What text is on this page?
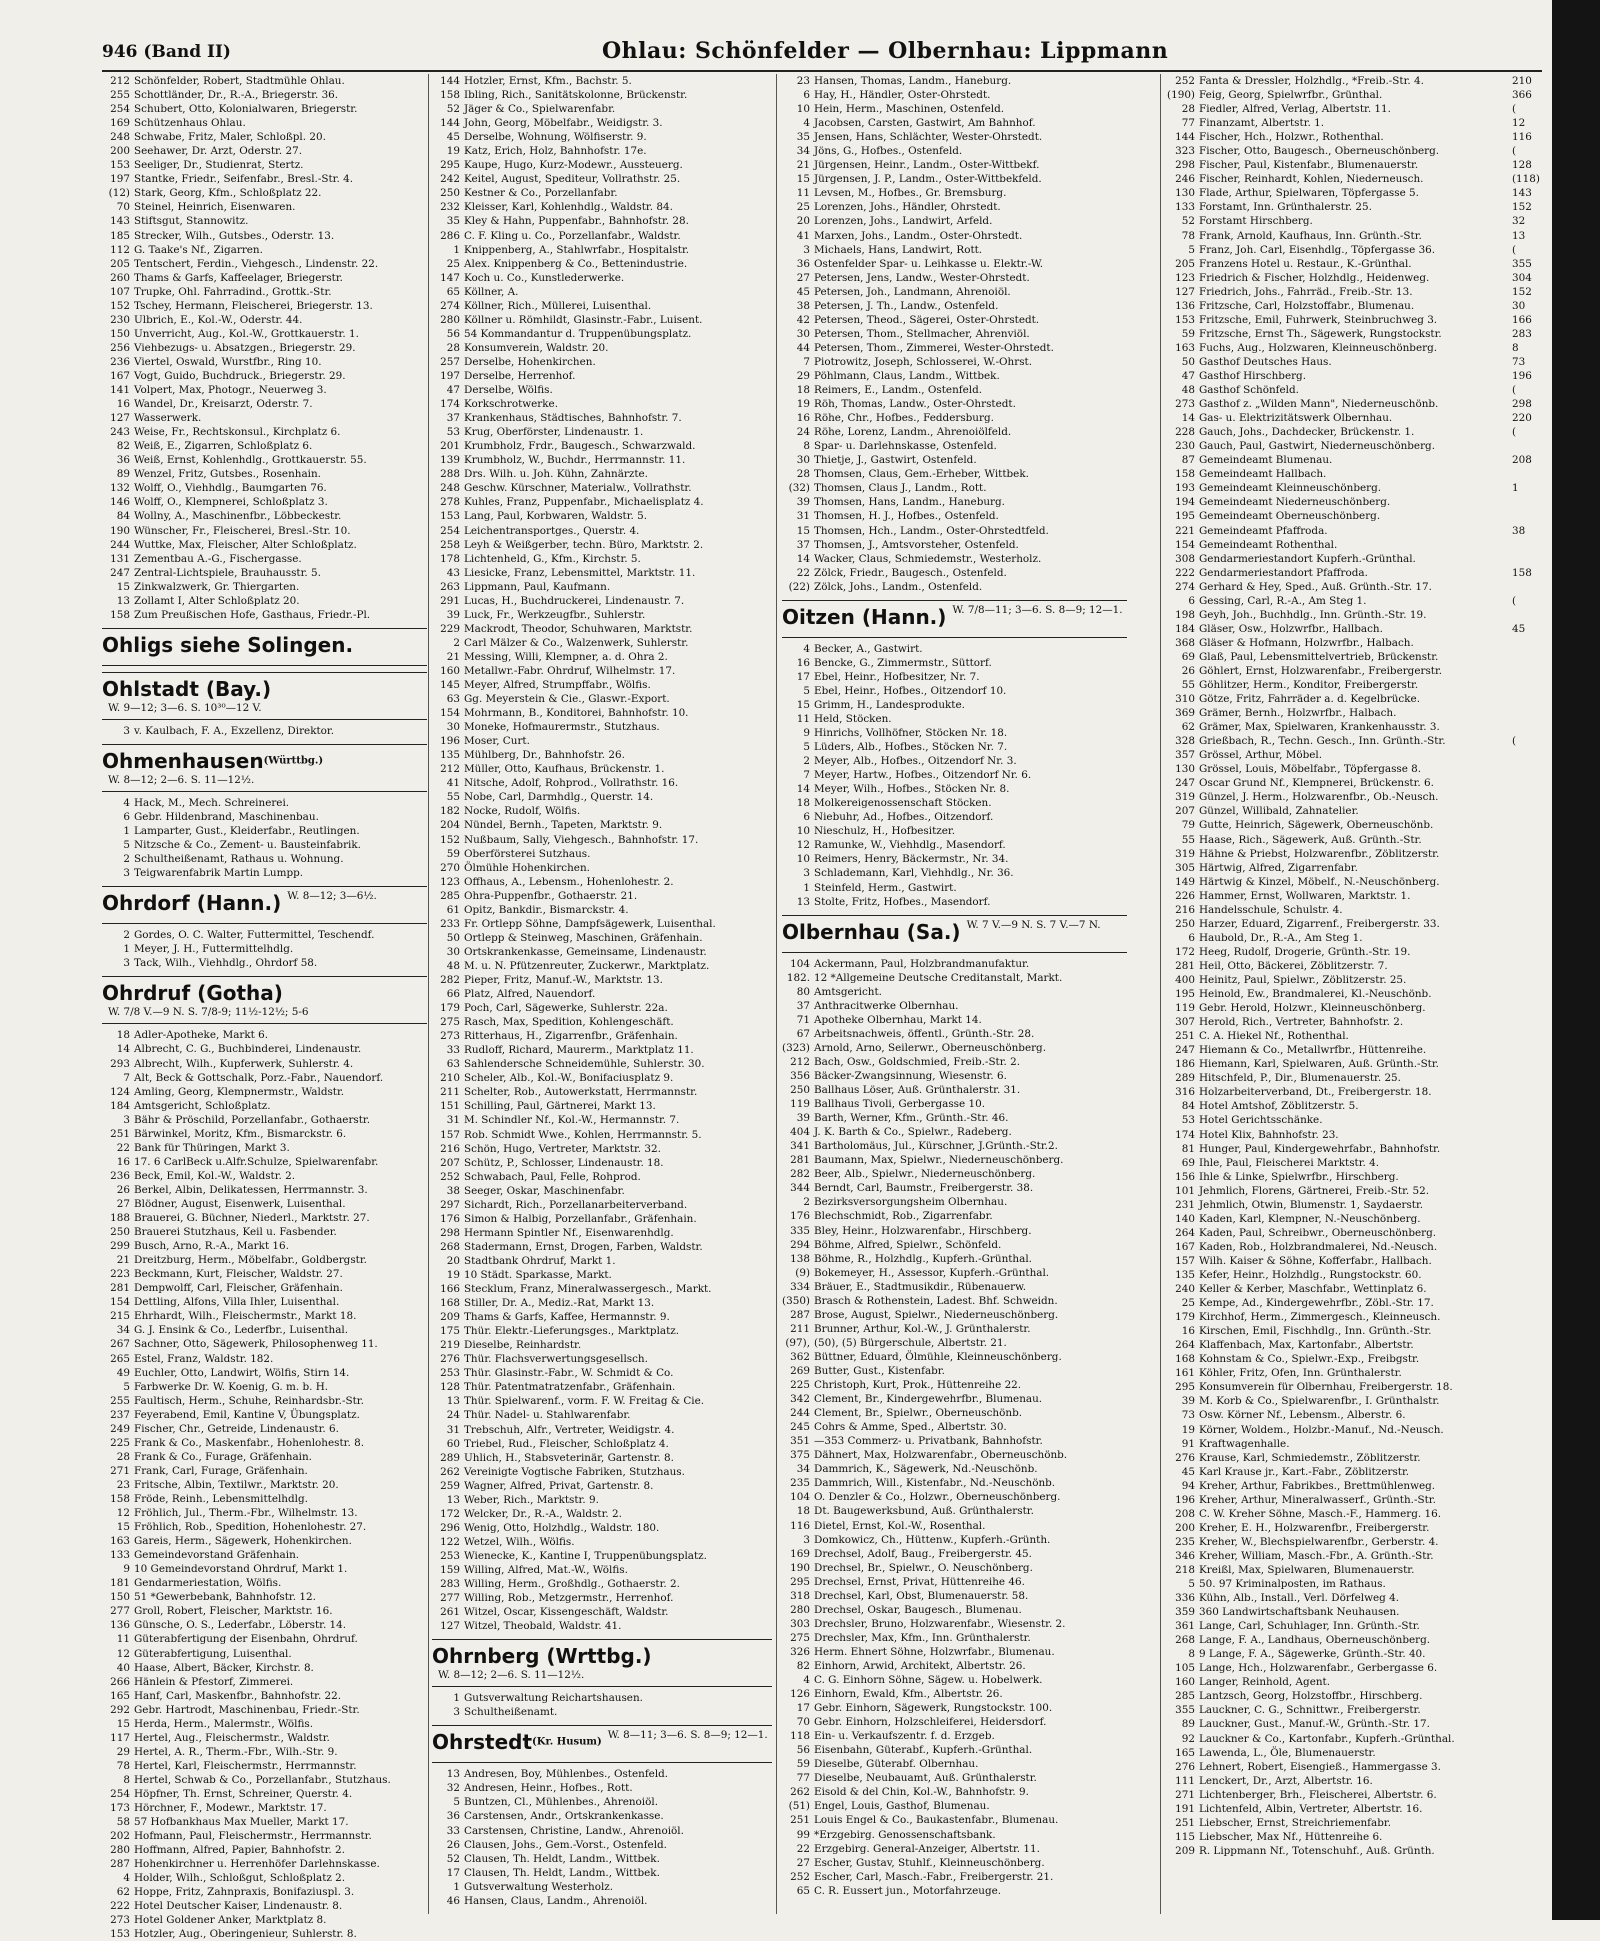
946 (Band II)	Ohlau: Schönfelder — Olbernhau: Lippmann
212 Schönfelder, Robert, Stadtmühle Ohlau.
255 Schottländer, Dr., R.-A., Briegerstr. 36.
254 Schubert, Otto, Kolonialwaren, Briegerstr.
169 Schützenhaus Ohlau.
248 Schwabe, Fritz, Maler, Schloßpl. 20.
200 Seehawer, Dr. Arzt, Oderstr. 27.
153 Seeliger, Dr., Studienrat, Stertz.
197 Stantke, Friedr., Seifenfabr., Bresl.-Str. 4.
(12) Stark, Georg, Kfm., Schloßplatz 22.
70 Steinel, Heinrich, Eisenwaren.
143 Stiftsgut, Stannowitz.
185 Strecker, Wilh., Gutsbes., Oderstr. 13.
112 G. Taake's Nf., Zigarren.
205 Tentschert, Ferdin., Viehgesch., Lindenstr. 22.
260 Thams & Garfs, Kaffeelager, Briegerstr.
107 Trupke, Ohl. Fahrradind., Grottk.-Str.
152 Tschey, Hermann, Fleischerei, Briegerstr. 13.
230 Ulbrich, E., Kol.-W., Oderstr. 44.
150 Unverricht, Aug., Kol.-W., Grottkauerstr. 1.
256 Viehbezugs- u. Absatzgen., Briegerstr. 29.
236 Viertel, Oswald, Wurstfbr., Ring 10.
167 Vogt, Guido, Buchdruck., Briegerstr. 29.
141 Volpert, Max, Photogr., Neuerweg 3.
16 Wandel, Dr., Kreisarzt, Oderstr. 7.
127 Wasserwerk.
243 Weise, Fr., Rechtskonsul., Kirchplatz 6.
82 Weiß, E., Zigarren, Schloßplatz 6.
36 Weiß, Ernst, Kohlenhdlg., Grottkauerstr. 55.
89 Wenzel, Fritz, Gutsbes., Rosenhain.
132 Wolff, O., Viehhdlg., Baumgarten 76.
146 Wolff, O., Klempnerei, Schloßplatz 3.
84 Wollny, A., Maschinenfbr., Löbbeckestr.
190 Wünscher, Fr., Fleischerei, Bresl.-Str. 10.
244 Wuttke, Max, Fleischer, Alter Schloßplatz.
131 Zementbau A.-G., Fischergasse.
247 Zentral-Lichtspiele, Brauhausstr. 5.
15 Zinkwalzwerk, Gr. Thiergarten.
13 Zollamt I, Alter Schloßplatz 20.
158 Zum Preußischen Hofe, Gasthaus, Friedr.-Pl.
Ohligs siehe Solingen.
Ohlstadt (Bay.)W. 9—12; 3—6. S. 10³⁰—12 V.
3 v. Kaulbach, F. A., Exzellenz, Direktor.
Ohmenhausen(Württbg.)W. 8—12; 2—6. S. 11—12½.
4 Hack, M., Mech. Schreinerei.
6 Gebr. Hildenbrand, Maschinenbau.
1 Lamparter, Gust., Kleiderfabr., Reutlingen.
5 Nitzsche & Co., Zement- u. Bausteinfabrik.
2 Schultheißenamt, Rathaus u. Wohnung.
3 Teigwarenfabrik Martin Lumpp.
Ohrdorf (Hann.) W. 8—12; 3—6½.
2 Gordes, O. C. Walter, Futtermittel, Teschendf.
1 Meyer, J. H., Futtermittelhdlg.
3 Tack, Wilh., Viehhdlg., Ohrdorf 58.
Ohrdruf (Gotha)W. 7/8 V.—9 N. S. 7/8-9; 11½-12½; 5-6
18 Adler-Apotheke, Markt 6.
14 Albrecht, C. G., Buchbinderei, Lindenaustr.
293 Albrecht, Wilh., Kupferwerk, Suhlerstr. 4.
7 Alt, Beck & Gottschalk, Porz.-Fabr., Nauendorf.
124 Amling, Georg, Klempnermstr., Waldstr.
184 Amtsgericht, Schloßplatz.
3 Bähr & Pröschild, Porzellanfabr., Gothaerstr.
251 Bärwinkel, Moritz, Kfm., Bismarckstr. 6.
22 Bank für Thüringen, Markt 3.
16 17. 6 CarlBeck u.Alfr.Schulze, Spielwarenfabr.
236 Beck, Emil, Kol.-W., Waldstr. 2.
26 Berkel, Albin, Delikatessen, Herrmannstr. 3.
27 Blödner, August, Eisenwerk, Luisenthal.
188 Brauerei, G. Büchner, Niederl., Marktstr. 27.
250 Brauerei Stutzhaus, Keil u. Fasbender.
299 Busch, Arno, R.-A., Markt 16.
21 Dreitzburg, Herm., Möbelfabr., Goldbergstr.
223 Beckmann, Kurt, Fleischer, Waldstr. 27.
281 Dempwolff, Carl, Fleischer, Gräfenhain.
154 Dettling, Alfons, Villa Ihler, Luisenthal.
215 Ehrhardt, Wilh., Fleischermstr., Markt 18.
34 G. J. Ensink & Co., Lederfbr., Luisenthal.
267 Sachner, Otto, Sägewerk, Philosophenweg 11.
265 Estel, Franz, Waldstr. 182.
49 Euchler, Otto, Landwirt, Wölfis, Stirn 14.
5 Farbwerke Dr. W. Koenig, G. m. b. H.
255 Faultisch, Herm., Schuhe, Reinhardsbr.-Str.
237 Feyerabend, Emil, Kantine V, Übungsplatz.
249 Fischer, Chr., Getreide, Lindenaustr. 6.
225 Frank & Co., Maskenfabr., Hohenlohestr. 8.
28 Frank & Co., Furage, Gräfenhain.
271 Frank, Carl, Furage, Gräfenhain.
23 Fritsche, Albin, Textilwr., Marktstr. 20.
158 Fröde, Reinh., Lebensmittelhdlg.
12 Fröhlich, Jul., Therm.-Fbr., Wilhelmstr. 13.
15 Fröhlich, Rob., Spedition, Hohenlohestr. 27.
163 Gareis, Herm., Sägewerk, Hohenkirchen.
133 Gemeindevorstand Gräfenhain.
9 10 Gemeindevorstand Ohrdruf, Markt 1.
181 Gendarmeriestation, Wölfis.
150 51 *Gewerbebank, Bahnhofstr. 12.
277 Groll, Robert, Fleischer, Marktstr. 16.
136 Günsche, O. S., Lederfabr., Löberstr. 14.
11 Güterabfertigung der Eisenbahn, Ohrdruf.
12 Güterabfertigung, Luisenthal.
40 Haase, Albert, Bäcker, Kirchstr. 8.
266 Hänlein & Pfestorf, Zimmerei.
165 Hanf, Carl, Maskenfbr., Bahnhofstr. 22.
292 Gebr. Hartrodt, Maschinenbau, Friedr.-Str.
15 Herda, Herm., Malermstr., Wölfis.
117 Hertel, Aug., Fleischermstr., Waldstr.
29 Hertel, A. R., Therm.-Fbr., Wilh.-Str. 9.
78 Hertel, Karl, Fleischermstr., Herrmannstr.
8 Hertel, Schwab & Co., Porzellanfabr., Stutzhaus.
254 Höpfner, Th. Ernst, Schreiner, Querstr. 4.
173 Hörchner, F., Modewr., Marktstr. 17.
58 57 Hofbankhaus Max Mueller, Markt 17.
202 Hofmann, Paul, Fleischermstr., Herrmannstr.
280 Hoffmann, Alfred, Papier, Bahnhofstr. 2.
287 Hohenkirchner u. Herrenhöfer Darlehnskasse.
4 Holder, Wilh., Schloßgut, Schloßplatz 2.
62 Hoppe, Fritz, Zahnpraxis, Bonifaziuspl. 3.
222 Hotel Deutscher Kaiser, Lindenaustr. 8.
273 Hotel Goldener Anker, Marktplatz 8.
153 Hotzler, Aug., Oberingenieur, Suhlerstr. 8.
144 Hotzler, Ernst, Kfm., Bachstr. 5.
158 Ibling, Rich., Sanitätskolonne, Brückenstr.
52 Jäger & Co., Spielwarenfabr.
144 John, Georg, Möbelfabr., Weidigstr. 3.
45 Derselbe, Wohnung, Wölfiserstr. 9.
19 Katz, Erich, Holz, Bahnhofstr. 17e.
295 Kaupe, Hugo, Kurz-Modewr., Aussteuerg.
242 Keitel, August, Spediteur, Vollrathstr. 25.
250 Kestner & Co., Porzellanfabr.
232 Kleisser, Karl, Kohlenhdlg., Waldstr. 84.
35 Kley & Hahn, Puppenfabr., Bahnhofstr. 28.
286 C. F. Kling u. Co., Porzellanfabr., Waldstr.
1 Knippenberg, A., Stahlwrfabr., Hospitalstr.
25 Alex. Knippenberg & Co., Bettenindustrie.
147 Koch u. Co., Kunstlederwerke.
65 Köllner, A.
274 Köllner, Rich., Müllerei, Luisenthal.
280 Köllner u. Römhildt, Glasinstr.-Fabr., Luisent.
56 54 Kommandantur d. Truppenübungsplatz.
28 Konsumverein, Waldstr. 20.
257 Derselbe, Hohenkirchen.
197 Derselbe, Herrenhof.
47 Derselbe, Wölfis.
174 Korkschrotwerke.
37 Krankenhaus, Städtisches, Bahnhofstr. 7.
53 Krug, Oberförster, Lindenaustr. 1.
201 Krumbholz, Frdr., Baugesch., Schwarzwald.
139 Krumbholz, W., Buchdr., Herrmannstr. 11.
288 Drs. Wilh. u. Joh. Kühn, Zahnärzte.
248 Geschw. Kürschner, Materialw., Vollrathstr.
278 Kuhles, Franz, Puppenfabr., Michaelisplatz 4.
153 Lang, Paul, Korbwaren, Waldstr. 5.
254 Leichentransportges., Querstr. 4.
258 Leyh & Weißgerber, techn. Büro, Marktstr. 2.
178 Lichtenheld, G., Kfm., Kirchstr. 5.
43 Liesicke, Franz, Lebensmittel, Marktstr. 11.
263 Lippmann, Paul, Kaufmann.
291 Lucas, H., Buchdruckerei, Lindenaustr. 7.
39 Luck, Fr., Werkzeugfbr., Suhlerstr.
229 Mackrodt, Theodor, Schuhwaren, Marktstr.
2 Carl Mälzer & Co., Walzenwerk, Suhlerstr.
21 Messing, Willi, Klempner, a. d. Ohra 2.
160 Metallwr.-Fabr. Ohrdruf, Wilhelmstr. 17.
145 Meyer, Alfred, Strumpffabr., Wölfis.
63 Gg. Meyerstein & Cie., Glaswr.-Export.
154 Mohrmann, B., Konditorei, Bahnhofstr. 10.
30 Moneke, Hofmaurermstr., Stutzhaus.
196 Moser, Curt.
135 Mühlberg, Dr., Bahnhofstr. 26.
212 Müller, Otto, Kaufhaus, Brückenstr. 1.
41 Nitsche, Adolf, Rohprod., Vollrathstr. 16.
55 Nobe, Carl, Darmhdlg., Querstr. 14.
182 Nocke, Rudolf, Wölfis.
204 Nündel, Bernh., Tapeten, Marktstr. 9.
152 Nußbaum, Sally, Viehgesch., Bahnhofstr. 17.
59 Oberförsterei Sutzhaus.
270 Ölmühle Hohenkirchen.
123 Offhaus, A., Lebensm., Hohenlohestr. 2.
285 Ohra-Puppenfbr., Gothaerstr. 21.
61 Opitz, Bankdir., Bismarckstr. 4.
233 Fr. Ortlepp Söhne, Dampfsägewerk, Luisenthal.
50 Ortlepp & Steinweg, Maschinen, Gräfenhain.
30 Ortskrankenkasse, Gemeinsame, Lindenaustr.
48 M. u. N. Pfützenreuter, Zuckerwr., Marktplatz.
282 Pieper, Fritz, Manuf.-W., Marktstr. 13.
66 Platz, Alfred, Nauendorf.
179 Poch, Carl, Sägewerke, Suhlerstr. 22a.
275 Rasch, Max, Spedition, Kohlengeschäft.
273 Ritterhaus, H., Zigarrenfbr., Gräfenhain.
33 Rudloff, Richard, Maurerm., Marktplatz 11.
63 Sahlendersche Schneidemühle, Suhlerstr. 30.
210 Scheler, Alb., Kol.-W., Bonifaciusplatz 9.
211 Schelter, Rob., Autowerkstatt, Herrmannstr.
151 Schilling, Paul, Gärtnerei, Markt 13.
31 M. Schindler Nf., Kol.-W., Hermannstr. 7.
157 Rob. Schmidt Wwe., Kohlen, Herrmannstr. 5.
216 Schön, Hugo, Vertreter, Marktstr. 32.
207 Schütz, P., Schlosser, Lindenaustr. 18.
252 Schwabach, Paul, Felle, Rohprod.
38 Seeger, Oskar, Maschinenfabr.
297 Sichardt, Rich., Porzellanarbeiterverband.
176 Simon & Halbig, Porzellanfabr., Gräfenhain.
298 Hermann Spintler Nf., Eisenwarenhdlg.
268 Stadermann, Ernst, Drogen, Farben, Waldstr.
20 Stadtbank Ohrdruf, Markt 1.
19 10 Städt. Sparkasse, Markt.
166 Stecklum, Franz, Mineralwassergesch., Markt.
168 Stiller, Dr. A., Mediz.-Rat, Markt 13.
209 Thams & Garfs, Kaffee, Hermannstr. 9.
175 Thür. Elektr.-Lieferungsges., Marktplatz.
219 Dieselbe, Reinhardstr.
276 Thür. Flachsverwertungsgesellsch.
253 Thür. Glasinstr.-Fabr., W. Schmidt & Co.
128 Thür. Patentmatratzenfabr., Gräfenhain.
13 Thür. Spielwarenf., vorm. F. W. Freitag & Cie.
24 Thür. Nadel- u. Stahlwarenfabr.
31 Trebschuh, Alfr., Vertreter, Weidigstr. 4.
60 Triebel, Rud., Fleischer, Schloßplatz 4.
289 Uhlich, H., Stabsveterinär, Gartenstr. 8.
262 Vereinigte Vogtische Fabriken, Stutzhaus.
259 Wagner, Alfred, Privat, Gartenstr. 8.
13 Weber, Rich., Marktstr. 9.
172 Welcker, Dr., R.-A., Waldstr. 2.
296 Wenig, Otto, Holzhdlg., Waldstr. 180.
122 Wetzel, Wilh., Wölfis.
253 Wienecke, K., Kantine I, Truppenübungsplatz.
159 Willing, Alfred, Mat.-W., Wölfis.
283 Willing, Herm., Großhdlg., Gothaerstr. 2.
277 Willing, Rob., Metzgermstr., Herrenhof.
261 Witzel, Oscar, Kissengeschäft, Waldstr.
127 Witzel, Theobald, Waldstr. 41.
Ohrnberg (Wrttbg.)W. 8—12; 2—6. S. 11—12½.
1 Gutsverwaltung Reichartshausen.
3 Schultheißenamt.
Ohrstedt(Kr. Husum)W. 8—11; 3—6. S. 8—9; 12—1.
13 Andresen, Boy, Mühlenbes., Ostenfeld.
32 Andresen, Heinr., Hofbes., Rott.
5 Buntzen, Cl., Mühlenbes., Ahrenoiöl.
36 Carstensen, Andr., Ortskrankenkasse.
33 Carstensen, Christine, Landw., Ahrenoiöl.
26 Clausen, Johs., Gem.-Vorst., Ostenfeld.
52 Clausen, Th. Heldt, Landm., Wittbek.
17 Clausen, Th. Heldt, Landm., Wittbek.
1 Gutsverwaltung Westerholz.
46 Hansen, Claus, Landm., Ahrenoiöl.
23 Hansen, Thomas, Landm., Haneburg.
6 Hay, H., Händler, Oster-Ohrstedt.
10 Hein, Herm., Maschinen, Ostenfeld.
4 Jacobsen, Carsten, Gastwirt, Am Bahnhof.
35 Jensen, Hans, Schlächter, Wester-Ohrstedt.
34 Jöns, G., Hofbes., Ostenfeld.
21 Jürgensen, Heinr., Landm., Oster-Wittbekf.
15 Jürgensen, J. P., Landm., Oster-Wittbekfeld.
11 Levsen, M., Hofbes., Gr. Bremsburg.
25 Lorenzen, Johs., Händler, Ohrstedt.
20 Lorenzen, Johs., Landwirt, Arfeld.
41 Marxen, Johs., Landm., Oster-Ohrstedt.
3 Michaels, Hans, Landwirt, Rott.
36 Ostenfelder Spar- u. Leihkasse u. Elektr.-W.
27 Petersen, Jens, Landw., Wester-Ohrstedt.
45 Petersen, Joh., Landmann, Ahrenoiöl.
38 Petersen, J. Th., Landw., Ostenfeld.
42 Petersen, Theod., Sägerei, Oster-Ohrstedt.
30 Petersen, Thom., Stellmacher, Ahrenviöl.
44 Petersen, Thom., Zimmerei, Wester-Ohrstedt.
7 Piotrowitz, Joseph, Schlosserei, W.-Ohrst.
29 Pöhlmann, Claus, Landm., Wittbek.
18 Reimers, E., Landm., Ostenfeld.
19 Röh, Thomas, Landw., Oster-Ohrstedt.
16 Röhe, Chr., Hofbes., Feddersburg.
24 Röhe, Lorenz, Landm., Ahrenoiölfeld.
8 Spar- u. Darlehnskasse, Ostenfeld.
30 Thietje, J., Gastwirt, Ostenfeld.
28 Thomsen, Claus, Gem.-Erheber, Wittbek.
(32) Thomsen, Claus J., Landm., Rott.
39 Thomsen, Hans, Landm., Haneburg.
31 Thomsen, H. J., Hofbes., Ostenfeld.
15 Thomsen, Hch., Landm., Oster-Ohrstedtfeld.
37 Thomsen, J., Amtsvorsteher, Ostenfeld.
14 Wacker, Claus, Schmiedemstr., Westerholz.
22 Zölck, Friedr., Baugesch., Ostenfeld.
(22) Zölck, Johs., Landm., Ostenfeld.
Oitzen (Hann.) W. 7/8—11; 3—6. S. 8—9; 12—1.
4 Becker, A., Gastwirt.
16 Bencke, G., Zimmermstr., Süttorf.
17 Ebel, Heinr., Hofbesitzer, Nr. 7.
5 Ebel, Heinr., Hofbes., Oitzendorf 10.
15 Grimm, H., Landesprodukte.
11 Held, Stöcken.
9 Hinrichs, Vollhöfner, Stöcken Nr. 18.
5 Lüders, Alb., Hofbes., Stöcken Nr. 7.
2 Meyer, Alb., Hofbes., Oitzendorf Nr. 3.
7 Meyer, Hartw., Hofbes., Oitzendorf Nr. 6.
14 Meyer, Wilh., Hofbes., Stöcken Nr. 8.
18 Molkereigenossenschaft Stöcken.
6 Niebuhr, Ad., Hofbes., Oitzendorf.
10 Nieschulz, H., Hofbesitzer.
12 Ramunke, W., Viehhdlg., Masendorf.
10 Reimers, Henry, Bäckermstr., Nr. 34.
3 Schlademann, Karl, Viehhdlg., Nr. 36.
1 Steinfeld, Herm., Gastwirt.
13 Stolte, Fritz, Hofbes., Masendorf.
Olbernhau (Sa.) W. 7 V.—9 N. S. 7 V.—7 N.
104 Ackermann, Paul, Holzbrandmanufaktur.
182. 12 *Allgemeine Deutsche Creditanstalt, Markt.
80 Amtsgericht.
37 Anthracitwerke Olbernhau.
71 Apotheke Olbernhau, Markt 14.
67 Arbeitsnachweis, öffentl., Grünth.-Str. 28.
(323) Arnold, Arno, Seilerwr., Oberneuschönberg.
212 Bach, Osw., Goldschmied, Freib.-Str. 2.
356 Bäcker-Zwangsinnung, Wiesenstr. 6.
250 Ballhaus Löser, Auß. Grünthalerstr. 31.
119 Ballhaus Tivoli, Gerbergasse 10.
39 Barth, Werner, Kfm., Grünth.-Str. 46.
404 J. K. Barth & Co., Spielwr., Radeberg.
341 Bartholomäus, Jul., Kürschner, J.Grünth.-Str.2.
281 Baumann, Max, Spielwr., Niederneuschönberg.
282 Beer, Alb., Spielwr., Niederneuschönberg.
344 Berndt, Carl, Baumstr., Freibergerstr. 38.
2 Bezirksversorgungsheim Olbernhau.
176 Blechschmidt, Rob., Zigarrenfabr.
335 Bley, Heinr., Holzwarenfabr., Hirschberg.
294 Böhme, Alfred, Spielwr., Schönfeld.
138 Böhme, R., Holzhdlg., Kupferh.-Grünthal.
(9) Bokemeyer, H., Assessor, Kupferh.-Grünthal.
334 Bräuer, E., Stadtmusikdir., Rübenauerw.
(350) Brasch & Rothenstein, Ladest. Bhf. Schweidn.
287 Brose, August, Spielwr., Niederneuschönberg.
211 Brunner, Arthur, Kol.-W., J. Grünthalerstr.
(97), (50), (5) Bürgerschule, Albertstr. 21.
362 Büttner, Eduard, Ölmühle, Kleinneuschönberg.
269 Butter, Gust., Kistenfabr.
225 Christoph, Kurt, Prok., Hüttenreihe 22.
342 Clement, Br., Kindergewehrfbr., Blumenau.
244 Clement, Br., Spielwr., Oberneuschönb.
245 Cohrs & Amme, Sped., Albertstr. 30.
351 —353 Commerz- u. Privatbank, Bahnhofstr.
375 Dähnert, Max, Holzwarenfabr., Oberneuschönb.
34 Dammrich, K., Sägewerk, Nd.-Neuschönb.
235 Dammrich, Will., Kistenfabr., Nd.-Neuschönb.
104 O. Denzler & Co., Holzwr., Oberneuschönberg.
18 Dt. Baugewerksbund, Auß. Grünthalerstr.
116 Dietel, Ernst, Kol.-W., Rosenthal.
3 Domkowicz, Ch., Hüttenw., Kupferh.-Grünth.
169 Drechsel, Adolf, Baug., Freibergerstr. 45.
190 Drechsel, Br., Spielwr., O. Neuschönberg.
295 Drechsel, Ernst, Privat, Hüttenreihe 46.
318 Drechsel, Karl, Obst, Blumenauerstr. 58.
280 Drechsel, Oskar, Baugesch., Blumenau.
303 Drechsler, Bruno, Holzwarenfabr., Wiesenstr. 2.
275 Drechsler, Max, Kfm., Inn. Grünthalerstr.
326 Herm. Ehnert Söhne, Holzwrfabr., Blumenau.
82 Einhorn, Arwid, Architekt, Albertstr. 26.
4 C. G. Einhorn Söhne, Sägew. u. Hobelwerk.
126 Einhorn, Ewald, Kfm., Albertstr. 26.
17 Gebr. Einhorn, Sägewerk, Rungstockstr. 100.
70 Gebr. Einhorn, Holzschleiferei, Heidersdorf.
118 Ein- u. Verkaufszentr. f. d. Erzgeb.
56 Eisenbahn, Güterabf., Kupferh.-Grünthal.
59 Dieselbe, Güterabf. Olbernhau.
77 Dieselbe, Neubauamt, Auß. Grünthalerstr.
262 Eisold & del Chin, Kol.-W., Bahnhofstr. 9.
(51) Engel, Louis, Gasthof, Blumenau.
251 Louis Engel & Co., Baukastenfabr., Blumenau.
99 *Erzgebirg. Genossenschaftsbank.
22 Erzgebirg. General-Anzeiger, Albertstr. 11.
27 Escher, Gustav, Stuhlf., Kleinneuschönberg.
252 Escher, Carl, Masch.-Fabr., Freibergerstr. 21.
65 C. R. Eussert jun., Motorfahrzeuge.
252 Fanta & Dressler, Holzhdlg., *Freib.-Str. 4.
(190) Feig, Georg, Spielwrfbr., Grünthal.
28 Fiedler, Alfred, Verlag, Albertstr. 11.
77 Finanzamt, Albertstr. 1.
144 Fischer, Hch., Holzwr., Rothenthal.
323 Fischer, Otto, Baugesch., Oberneuschönberg.
298 Fischer, Paul, Kistenfabr., Blumenauerstr.
246 Fischer, Reinhardt, Kohlen, Niederneusch.
130 Flade, Arthur, Spielwaren, Töpfergasse 5.
133 Forstamt, Inn. Grünthalerstr. 25.
52 Forstamt Hirschberg.
78 Frank, Arnold, Kaufhaus, Inn. Grünth.-Str.
5 Franz, Joh. Carl, Eisenhdlg., Töpfergasse 36.
205 Franzens Hotel u. Restaur., K.-Grünthal.
123 Friedrich & Fischer, Holzhdlg., Heidenweg.
127 Friedrich, Johs., Fahrräd., Freib.-Str. 13.
136 Fritzsche, Carl, Holzstoffabr., Blumenau.
153 Fritzsche, Emil, Fuhrwerk, Steinbruchweg 3.
59 Fritzsche, Ernst Th., Sägewerk, Rungstockstr.
163 Fuchs, Aug., Holzwaren, Kleinneuschönberg.
50 Gasthof Deutsches Haus.
47 Gasthof Hirschberg.
48 Gasthof Schönfeld.
273 Gasthof z. „Wilden Mann", Niederneuschönb.
14 Gas- u. Elektrizitätswerk Olbernhau.
228 Gauch, Johs., Dachdecker, Brückenstr. 1.
230 Gauch, Paul, Gastwirt, Niederneuschönberg.
87 Gemeindeamt Blumenau.
158 Gemeindeamt Hallbach.
193 Gemeindeamt Kleinneuschönberg.
194 Gemeindeamt Niederneuschönberg.
195 Gemeindeamt Oberneuschönberg.
221 Gemeindeamt Pfaffroda.
154 Gemeindeamt Rothenthal.
308 Gendarmeriestandort Kupferh.-Grünthal.
222 Gendarmeriestandort Pfaffroda.
274 Gerhard & Hey, Sped., Auß. Grünth.-Str. 17.
6 Gessing, Carl, R.-A., Am Steg 1.
198 Geyh, Joh., Buchhdlg., Inn. Grünth.-Str. 19.
184 Gläser, Osw., Holzwrfbr., Hallbach.
368 Gläser & Hofmann, Holzwrfbr., Halbach.
69 Glaß, Paul, Lebensmittelvertrieb, Brückenstr.
26 Göhlert, Ernst, Holzwarenfabr., Freibergerstr.
55 Göhlitzer, Herm., Konditor, Freibergerstr.
310 Götze, Fritz, Fahrräder a. d. Kegelbrücke.
369 Grämer, Bernh., Holzwrfbr., Halbach.
62 Grämer, Max, Spielwaren, Krankenhausstr. 3.
328 Grießbach, R., Techn. Gesch., Inn. Grünth.-Str.
357 Grössel, Arthur, Möbel.
130 Grössel, Louis, Möbelfabr., Töpfergasse 8.
247 Oscar Grund Nf., Klempnerei, Brückenstr. 6.
319 Günzel, J. Herm., Holzwarenfbr., Ob.-Neusch.
207 Günzel, Willibald, Zahnatelier.
79 Gutte, Heinrich, Sägewerk, Oberneuschönb.
55 Haase, Rich., Sägewerk, Auß. Grünth.-Str.
319 Hähne & Priebst, Holzwarenfbr., Zöblitzerstr.
305 Härtwig, Alfred, Zigarrenfabr.
149 Härtwig & Kinzel, Möbelf., N.-Neuschönberg.
226 Hammer, Ernst, Wollwaren, Marktstr. 1.
216 Handelsschule, Schulstr. 4.
250 Harzer, Eduard, Zigarrenf., Freibergerstr. 33.
6 Haubold, Dr., R.-A., Am Steg 1.
172 Heeg, Rudolf, Drogerie, Grünth.-Str. 19.
281 Heil, Otto, Bäckerei, Zöblitzerstr. 7.
400 Heinitz, Paul, Spielwr., Zöblitzerstr. 25.
195 Heinold, Ew., Brandmalerei, Kl.-Neuschönb.
119 Gebr. Herold, Holzwr., Kleinneuschönberg.
307 Herold, Rich., Vertreter, Bahnhofstr. 2.
251 C. A. Hiekel Nf., Rothenthal.
247 Hiemann & Co., Metallwrfbr., Hüttenreihe.
186 Hiemann, Karl, Spielwaren, Auß. Grünth.-Str.
289 Hitschfeld, P., Dir., Blumenauerstr. 25.
316 Holzarbeiterverband, Dt., Freibergerstr. 18.
84 Hotel Amtshof, Zöblitzerstr. 5.
53 Hotel Gerichtsschänke.
174 Hotel Klix, Bahnhofstr. 23.
81 Hunger, Paul, Kindergewehrfabr., Bahnhofstr.
69 Ihle, Paul, Fleischerei Marktstr. 4.
156 Ihle & Linke, Spielwrfbr., Hirschberg.
101 Jehmlich, Florens, Gärtnerei, Freib.-Str. 52.
231 Jehmlich, Otwin, Blumenstr. 1, Saydaerstr.
140 Kaden, Karl, Klempner, N.-Neuschönberg.
264 Kaden, Paul, Schreibwr., Oberneuschönberg.
167 Kaden, Rob., Holzbrandmalerei, Nd.-Neusch.
157 Wilh. Kaiser & Söhne, Kofferfabr., Hallbach.
135 Kefer, Heinr., Holzhdlg., Rungstockstr. 60.
240 Keller & Kerber, Maschfabr., Wettinplatz 6.
25 Kempe, Ad., Kindergewehrfbr., Zöbl.-Str. 17.
179 Kirchhof, Herm., Zimmergesch., Kleinneusch.
16 Kirschen, Emil, Fischhdlg., Inn. Grünth.-Str.
264 Klaffenbach, Max, Kartonfabr., Albertstr.
168 Kohnstam & Co., Spielwr.-Exp., Freibgstr.
161 Köhler, Fritz, Ofen, Inn. Grünthalerstr.
295 Konsumverein für Olbernhau, Freibergerstr. 18.
39 M. Korb & Co., Spielwarenfbr., I. Grünthalstr.
73 Osw. Körner Nf., Lebensm., Alberstr. 6.
19 Körner, Woldem., Holzbr.-Manuf., Nd.-Neusch.
91 Kraftwagenhalle.
276 Krause, Karl, Schmiedemstr., Zöblitzerstr.
45 Karl Krause jr., Kart.-Fabr., Zöblitzerstr.
94 Kreher, Arthur, Fabrikbes., Brettmühlenweg.
196 Kreher, Arthur, Mineralwasserf., Grünth.-Str.
208 C. W. Kreher Söhne, Masch.-F., Hammerg. 16.
200 Kreher, E. H., Holzwarenfbr., Freibergerstr.
235 Kreher, W., Blechspielwarenfbr., Gerberstr. 4.
346 Kreher, William, Masch.-Fbr., A. Grünth.-Str.
218 Kreißl, Max, Spielwaren, Blumenauerstr.
5 50. 97 Kriminalposten, im Rathaus.
336 Kühn, Alb., Install., Verl. Dörfelweg 4.
359 360 Landwirtschaftsbank Neuhausen.
361 Lange, Carl, Schuhlager, Inn. Grünth.-Str.
268 Lange, F. A., Landhaus, Oberneuschönberg.
8 9 Lange, F. A., Sägewerke, Grünth.-Str. 40.
105 Lange, Hch., Holzwarenfabr., Gerbergasse 6.
160 Langer, Reinhold, Agent.
285 Lantzsch, Georg, Holzstoffbr., Hirschberg.
355 Lauckner, C. G., Schnittwr., Freibergerstr.
89 Lauckner, Gust., Manuf.-W., Grünth.-Str. 17.
92 Lauckner & Co., Kartonfabr., Kupferh.-Grünthal.
165 Lawenda, L., Öle, Blumenauerstr.
276 Lehnert, Robert, Eisengieß., Hammergasse 3.
111 Lenckert, Dr., Arzt, Albertstr. 16.
271 Lichtenberger, Brh., Fleischerei, Albertstr. 6.
191 Lichtenfeld, Albin, Vertreter, Albertstr. 16.
251 Liebscher, Ernst, Streichriemenfabr.
115 Liebscher, Max Nf., Hüttenreihe 6.
209 R. Lippmann Nf., Totenschuhf., Auß. Grünth.
210
366
(
12
116
(
128
(118)
143
152
32
13
(
355
304
152
30
166
283
8
73
196
(
298
220
(
208
1
38
158
(
45
(
